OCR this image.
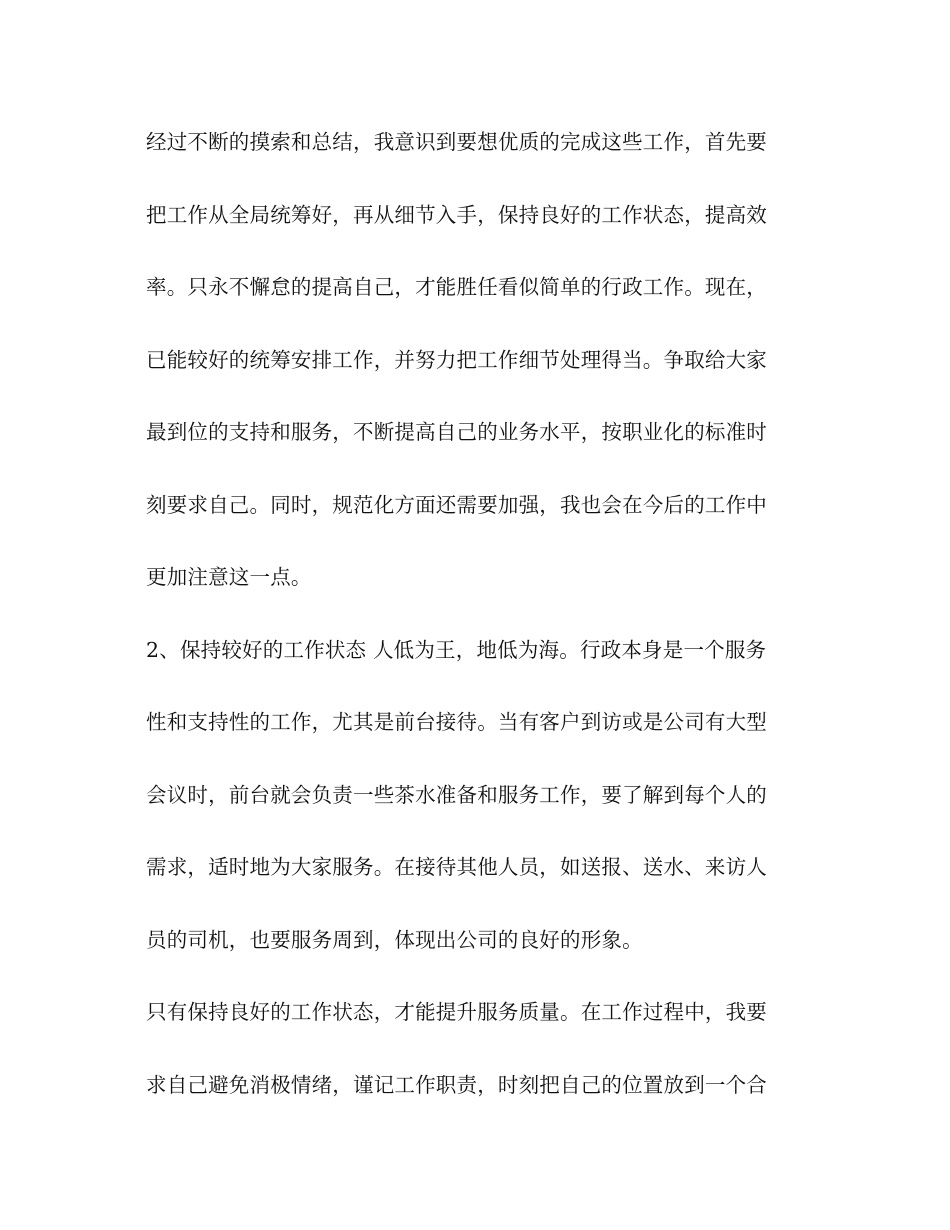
经过不断的摸索和总结，我意识到要想优质的完成这些工作，首先要
把工作从全局统筹好，再从细节入手，保持良好的工作状态，提高效
率。只永不懈怠的提高自己，才能胜任看似简单的行政工作。现在，
已能较好的统筹安排工作，并努力把工作细节处理得当。争取给大家
最到位的支持和服务，不断提高自己的业务水平，按职业化的标准时
刻要求自己。同时，规范化方面还需要加强，我也会在今后的工作中
更加注意这一点。
2、保持较好的工作状态 人低为王，地低为海。行政本身是一个服务
性和支持性的工作，尤其是前台接待。当有客户到访或是公司有大型
会议时，前台就会负责一些茶水准备和服务工作，要了解到每个人的
需求，适时地为大家服务。在接待其他人员，如送报、送水、来访人
员的司机，也要服务周到，体现出公司的良好的形象。
只有保持良好的工作状态，才能提升服务质量。在工作过程中，我要
求自己避免消极情绪，谨记工作职责，时刻把自己的位置放到一个合
